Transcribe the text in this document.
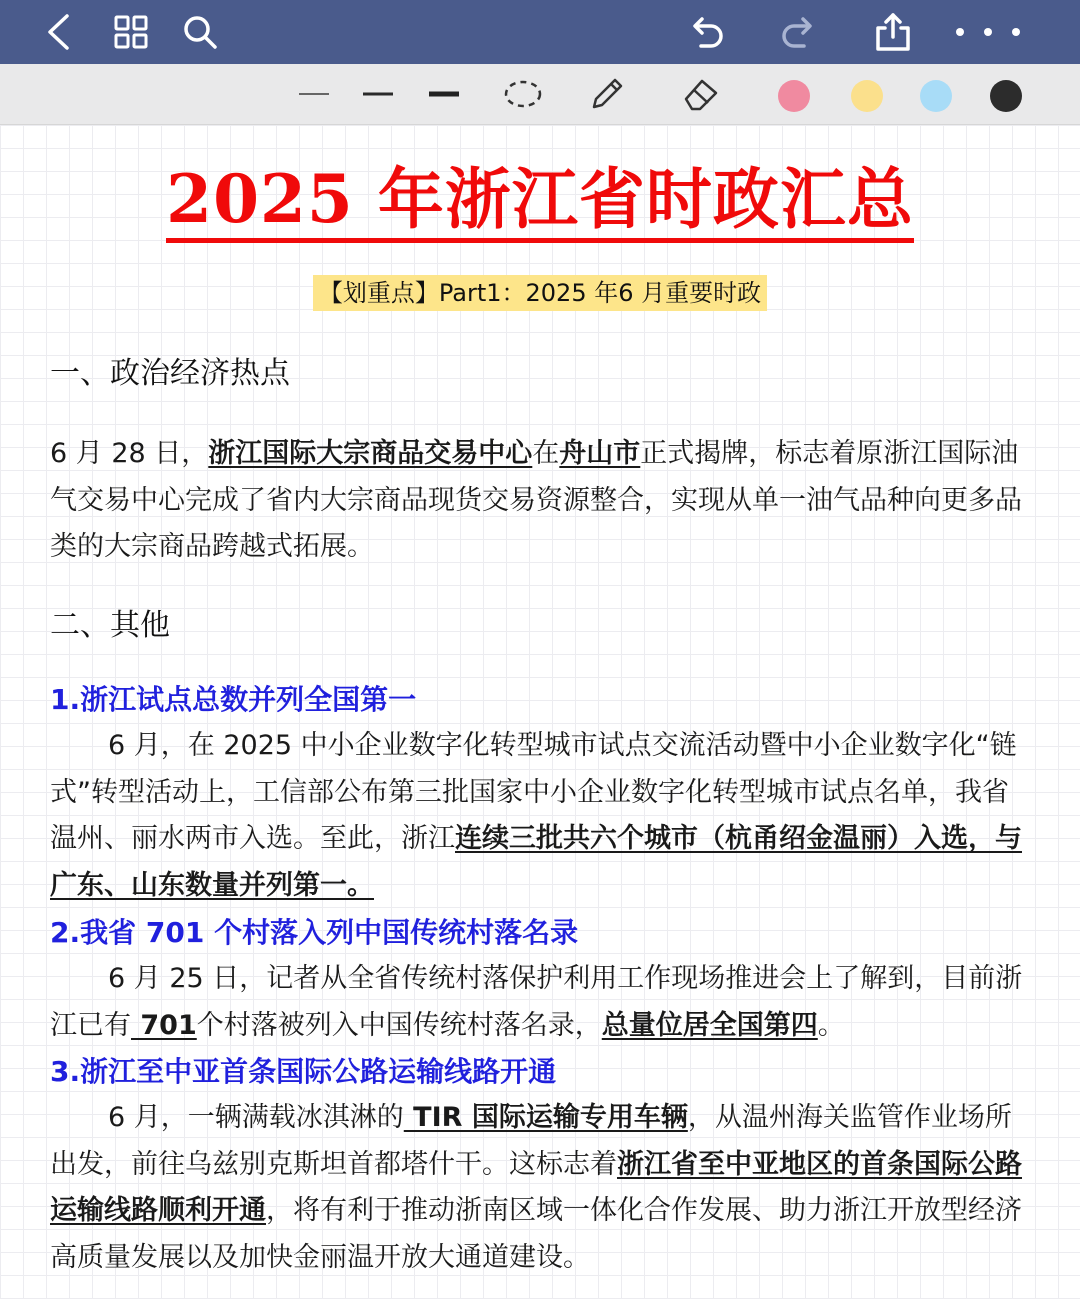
2025 年浙江省时政汇总
【划重点】Part1：2025 年6 月重要时政
一、政治经济热点

6 月 28 日，浙江国际大宗商品交易中心在舟山市正式揭牌，标志着原浙江国际油气交易中心完成了省内大宗商品现货交易资源整合，实现从单一油气品种向更多品类的大宗商品跨越式拓展。

二、其他
1.浙江试点总数并列全国第一

6 月，在 2025 中小企业数字化转型城市试点交流活动暨中小企业数字化“链式”转型活动上，工信部公布第三批国家中小企业数字化转型城市试点名单，我省温州、丽水两市入选。至此，浙江连续三批共六个城市（杭甬绍金温丽）入选，与广东、山东数量并列第一。

2.我省 701 个村落入列中国传统村落名录

6 月 25 日，记者从全省传统村落保护利用工作现场推进会上了解到，目前浙江已有 701个村落被列入中国传统村落名录，总量位居全国第四。

3.浙江至中亚首条国际公路运输线路开通

6 月，一辆满载冰淇淋的 TIR 国际运输专用车辆，从温州海关监管作业场所出发，前往乌兹别克斯坦首都塔什干。这标志着浙江省至中亚地区的首条国际公路运输线路顺利开通，将有利于推动浙南区域一体化合作发展、助力浙江开放型经济高质量发展以及加快金丽温开放大通道建设。
